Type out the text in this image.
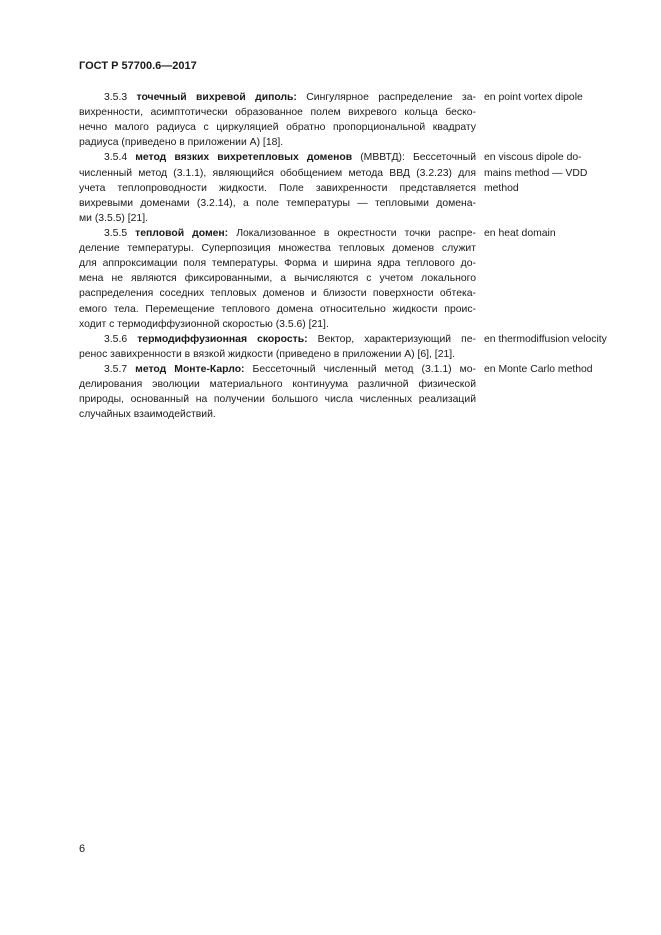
ГОСТ Р 57700.6—2017
3.5.3 точечный вихревой диполь: Сингулярное распределение за-
вихренности, асимптотически образованное полем вихревого кольца беско-
нечно малого радиуса с циркуляцией обратно пропорциональной квадрату
радиуса (приведено в приложении А) [18].
3.5.4 метод вязких вихретепловых доменов (МВВТД): Бессеточный
численный метод (3.1.1), являющийся обобщением метода ВВД (3.2.23) для
учета теплопроводности жидкости. Поле завихренности представляется
вихревыми доменами (3.2.14), а поле температуры — тепловыми домена-
ми (3.5.5) [21].
3.5.5 тепловой домен: Локализованное в окрестности точки распре-
деление температуры. Суперпозиция множества тепловых доменов служит
для аппроксимации поля температуры. Форма и ширина ядра теплового до-
мена не являются фиксированными, а вычисляются с учетом локального
распределения соседних тепловых доменов и близости поверхности обтека-
емого тела. Перемещение теплового домена относительно жидкости проис-
ходит с термодиффузионной скоростью (3.5.6) [21].
3.5.6 термодиффузионная скорость: Вектор, характеризующий пе-
ренос завихренности в вязкой жидкости (приведено в приложении А) [6], [21].
3.5.7 метод Монте-Карло: Бессеточный численный метод (3.1.1) мо-
делирования эволюции материального континуума различной физической
природы, основанный на получении большого числа численных реализаций
случайных взаимодействий.
en point vortex dipole
en viscous dipole do-
mains method — VDD
method
en heat domain
en thermodiffusion velocity
en Monte Carlo method
6
